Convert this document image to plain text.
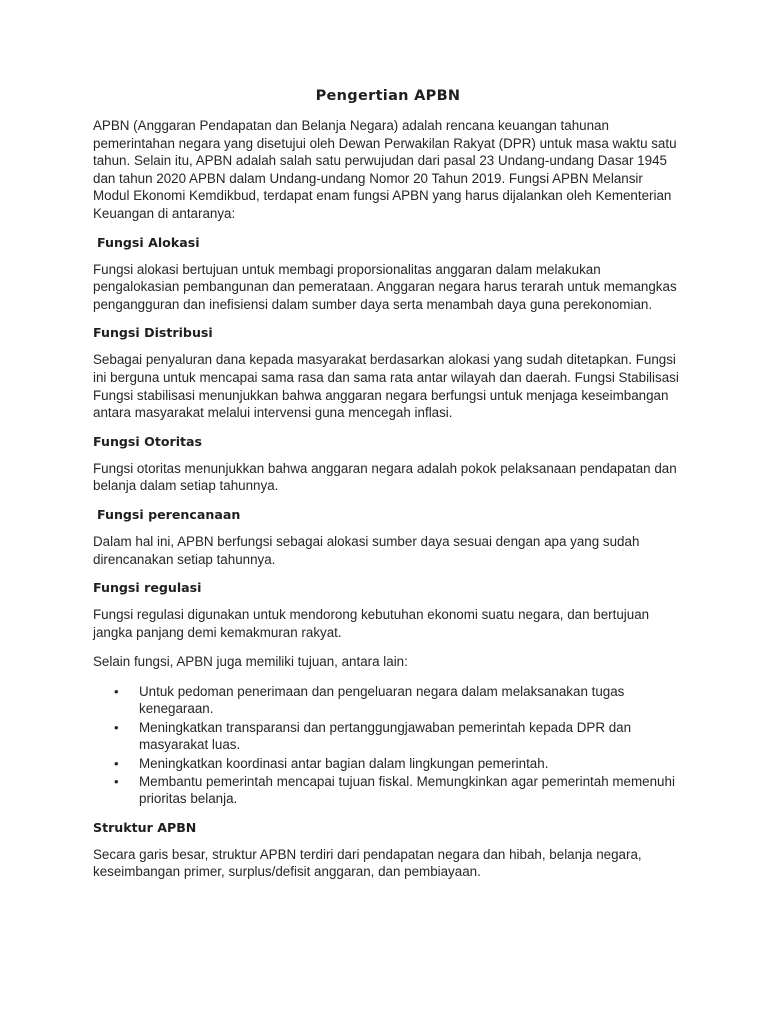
Pengertian APBN

APBN (Anggaran Pendapatan dan Belanja Negara) adalah rencana keuangan tahunan pemerintahan negara yang disetujui oleh Dewan Perwakilan Rakyat (DPR) untuk masa waktu satu tahun. Selain itu, APBN adalah salah satu perwujudan dari pasal 23 Undang-undang Dasar 1945 dan tahun 2020 APBN dalam Undang-undang Nomor 20 Tahun 2019. Fungsi APBN Melansir Modul Ekonomi Kemdikbud, terdapat enam fungsi APBN yang harus dijalankan oleh Kementerian Keuangan di antaranya:

Fungsi Alokasi

Fungsi alokasi bertujuan untuk membagi proporsionalitas anggaran dalam melakukan pengalokasian pembangunan dan pemerataan. Anggaran negara harus terarah untuk memangkas pengangguran dan inefisiensi dalam sumber daya serta menambah daya guna perekonomian.

Fungsi Distribusi

Sebagai penyaluran dana kepada masyarakat berdasarkan alokasi yang sudah ditetapkan. Fungsi ini berguna untuk mencapai sama rasa dan sama rata antar wilayah dan daerah. Fungsi Stabilisasi Fungsi stabilisasi menunjukkan bahwa anggaran negara berfungsi untuk menjaga keseimbangan antara masyarakat melalui intervensi guna mencegah inflasi.

Fungsi Otoritas

Fungsi otoritas menunjukkan bahwa anggaran negara adalah pokok pelaksanaan pendapatan dan belanja dalam setiap tahunnya.

Fungsi perencanaan

Dalam hal ini, APBN berfungsi sebagai alokasi sumber daya sesuai dengan apa yang sudah direncanakan setiap tahunnya.

Fungsi regulasi

Fungsi regulasi digunakan untuk mendorong kebutuhan ekonomi suatu negara, dan bertujuan jangka panjang demi kemakmuran rakyat.

Selain fungsi, APBN juga memiliki tujuan, antara lain:

• Untuk pedoman penerimaan dan pengeluaran negara dalam melaksanakan tugas kenegaraan.
• Meningkatkan transparansi dan pertanggungjawaban pemerintah kepada DPR dan masyarakat luas.
• Meningkatkan koordinasi antar bagian dalam lingkungan pemerintah.
• Membantu pemerintah mencapai tujuan fiskal. Memungkinkan agar pemerintah memenuhi prioritas belanja.
Struktur APBN

Secara garis besar, struktur APBN terdiri dari pendapatan negara dan hibah, belanja negara, keseimbangan primer, surplus/defisit anggaran, dan pembiayaan.
